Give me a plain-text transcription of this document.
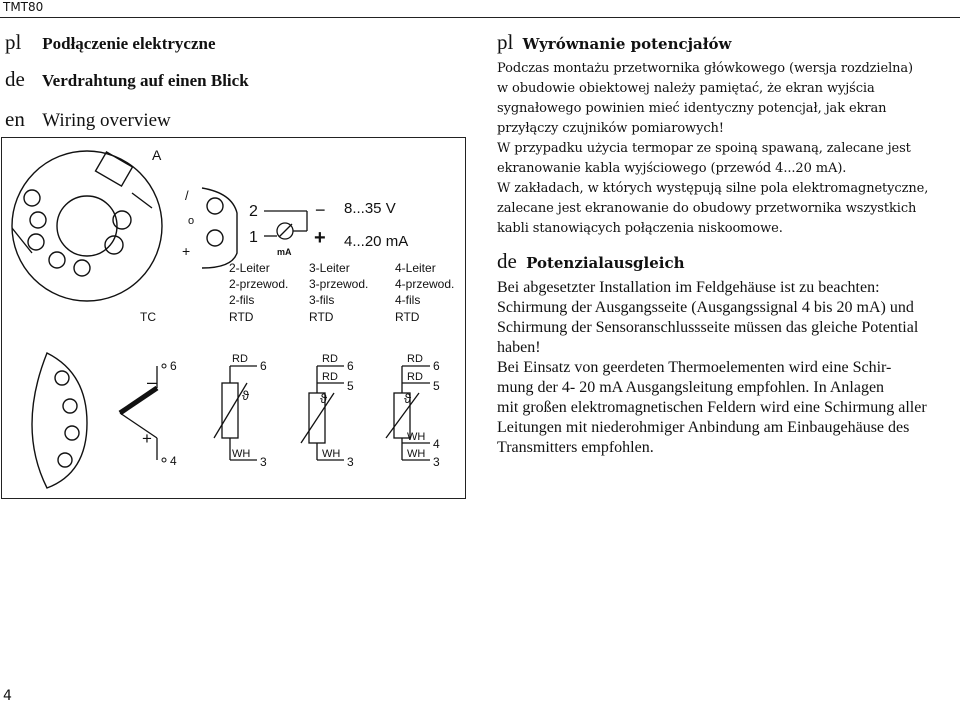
TMT80
pl Podłączenie elektryczne
de Verdrahtung auf einen Blick
en Wiring overview
A
/
o
+
2
1
mA
−
+
8...35 V
4...20 mA
2-Leiter
2-przewod.
2-fils
RTD
3-Leiter
3-przewod.
3-fils
RTD
4-Leiter
4-przewod.
4-fils
RTD
TC
–
+
6
4
RD 6
ϑ
WH
3
RD 6
RD
5
ϑ
WH
3
RD 6
RD
5
ϑ
WH 4
WH
3
pl Wyrównanie potencjałów

Podczas montażu przetwornika główkowego (wersja rozdzielna)

w obudowie obiektowej należy pamiętać, że ekran wyjścia

sygnałowego powinien mieć identyczny potencjał, jak ekran

przyłączy czujników pomiarowych!

W przypadku użycia termopar ze spoiną spawaną, zalecane jest

ekranowanie kabla wyjściowego (przewód 4...20 mA).

W zakładach, w których występują silne pola elektromagnetyczne,

zalecane jest ekranowanie do obudowy przetwornika wszystkich

kabli stanowiących połączenia niskoomowe.

de Potenzialausgleich

Bei abgesetzter Installation im Feldgehäuse ist zu beachten:

Schirmung der Ausgangsseite (Ausgangssignal 4 bis 20 mA) und

Schirmung der Sensoranschlussseite müssen das gleiche Potential

haben!

Bei Einsatz von geerdeten Thermoelementen wird eine Schir-

mung der 4- 20 mA Ausgangsleitung empfohlen. In Anlagen

mit großen elektromagnetischen Feldern wird eine Schirmung aller

Leitungen mit niederohmiger Anbindung am Einbaugehäuse des

Transmitters empfohlen.

4
